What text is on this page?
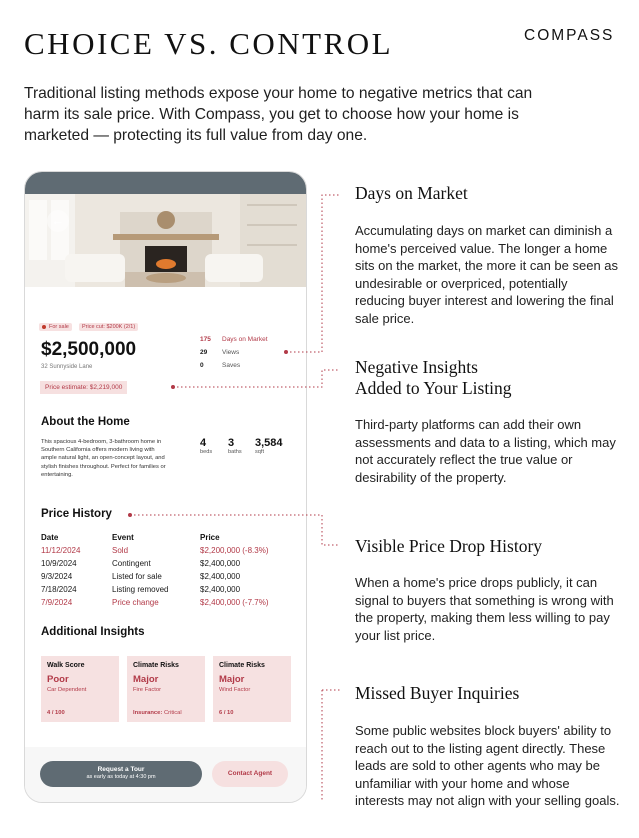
CHOICE VS. CONTROL	COMPASS
Traditional listing methods expose your home to negative metrics that can harm its sale price. With Compass, you get to choose how your home is marketed — protecting its full value from day one.
←
For sale	Price cut: $200K (2/1)
$2,500,000
32 Sunnyside Lane
Price estimate: $2,219,000
175 Days on Market
29 Views
0	Saves
About the Home
This spacious 4-bedroom, 3-bathroom home in Southern California offers modern living with ample natural light, an open-concept layout, and stylish finishes throughout. Perfect for families or entertaining.
4
beds
3
baths
3,584
sqft
Price History
Date	Event	Price
11/12/2024	Sold	$2,200,000 (-8.3%)
10/9/2024	Contingent	$2,400,000
9/3/2024	Listed for sale	$2,400,000
7/18/2024	Listing removed	$2,400,000
7/9/2024	Price change	$2,400,000 (-7.7%)
Additional Insights
Walk Score
Poor
Car Dependent
4 / 100
Climate Risks
Major
Fire Factor
Insurance: Critical
Climate Risks
Major
Wind Factor
6 / 10
Request a Tour
as early as today at 4:30 pm	Contact Agent
Days on Market
Accumulating days on market can diminish a home's perceived value. The longer a home sits on the market, the more it can be seen as undesirable or overpriced, potentially reducing buyer interest and lowering the final sale price.
Negative Insights
Added to Your Listing
Third-party platforms can add their own assessments and data to a listing, which may not accurately reflect the true value or desirability of the property.
Visible Price Drop History
When a home's price drops publicly, it can signal to buyers that something is wrong with the property, making them less willing to pay your list price.
Missed Buyer Inquiries
Some public websites block buyers' ability to reach out to the listing agent directly. These leads are sold to other agents who may be unfamiliar with your home and whose interests may not align with your selling goals.
